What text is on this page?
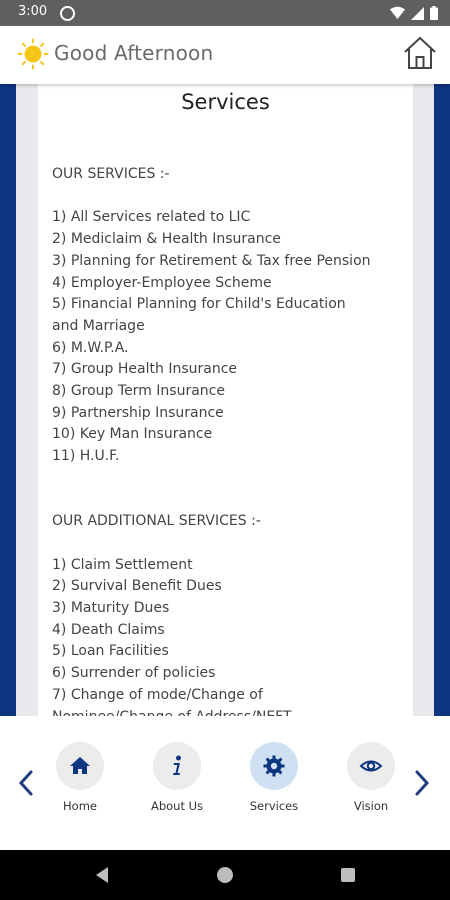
3:00
Good Afternoon
Services
OUR SERVICES :-
1) All Services related to LIC
2) Mediclaim & Health Insurance
3) Planning for Retirement & Tax free Pension
4) Employer-Employee Scheme
5) Financial Planning for Child's Education
and Marriage
6) M.W.P.A.
7) Group Health Insurance
8) Group Term Insurance
9) Partnership Insurance
10) Key Man Insurance
11) H.U.F.
OUR ADDITIONAL SERVICES :-
1) Claim Settlement
2) Survival Benefit Dues
3) Maturity Dues
4) Death Claims
5) Loan Facilities
6) Surrender of policies
7) Change of mode/Change of
Home	About Us	Services	Vision
